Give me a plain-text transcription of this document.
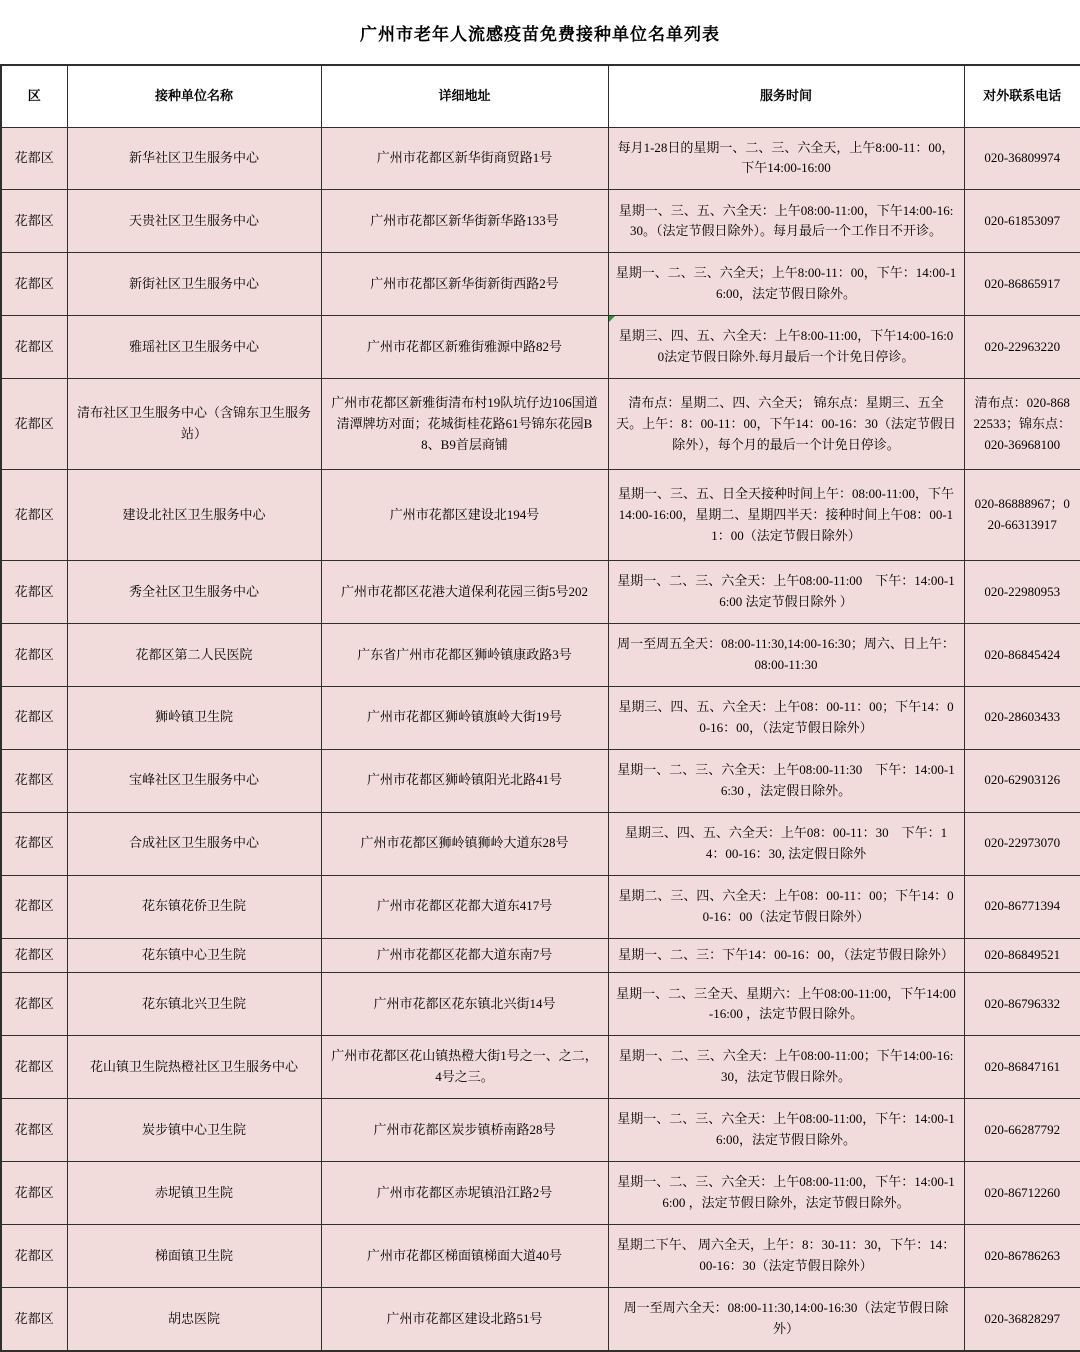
广州市老年人流感疫苗免费接种单位名单列表
区	接种单位名称	详细地址	服务时间	对外联系电话
花都区	新华社区卫生服务中心	广州市花都区新华街商贸路1号	每月1-28日的星期一、二、三、六全天，上午8:00-11：00，下午14:00-16:00	020-36809974
花都区	天贵社区卫生服务中心	广州市花都区新华街新华路133号	星期一、三、五、六全天：上午08:00-11:00，下午14:00-16:30。（法定节假日除外）。每月最后一个工作日不开诊。	020-61853097
花都区	新街社区卫生服务中心	广州市花都区新华街新街西路2号	星期一、二、三、六全天；上午8:00-11：00，下午：14:00-16:00，法定节假日除外。	020-86865917
花都区	雅瑶社区卫生服务中心	广州市花都区新雅街雅源中路82号	星期三、四、五、六全天：上午8:00-11:00，下午14:00-16:00法定节假日除外.每月最后一个计免日停诊。	020-22963220
花都区	清布社区卫生服务中心（含锦东卫生服务站）	广州市花都区新雅街清布村19队坑仔边106国道清潭牌坊对面；花城街桂花路61号锦东花园B8、B9首层商铺	清布点：星期二、四、六全天； 锦东点：星期三、五全天。上午：8：00-11：00，下午14：00-16：30（法定节假日除外），每个月的最后一个计免日停诊。	清布点：020-86822533；锦东点：020-36968100
花都区	建设北社区卫生服务中心	广州市花都区建设北194号	星期一、三、五、日全天接种时间上午：08:00-11:00，下午14:00-16:00，星期二、星期四半天：接种时间上午08：00-11：00（法定节假日除外）	020-86888967；020-66313917
花都区	秀全社区卫生服务中心	广州市花都区花港大道保利花园三街5号202	星期一、二、三、六全天：上午08:00-11:00　下午：14:00-16:00 法定节假日除外 ）	020-22980953
花都区	花都区第二人民医院	广东省广州市花都区狮岭镇康政路3号	周一至周五全天：08:00-11:30,14:00-16:30；周六、日上午：08:00-11:30	020-86845424
花都区	狮岭镇卫生院	广州市花都区狮岭镇旗岭大街19号	星期三、四、五、六全天：上午08：00-11：00；下午14：00-16：00，（法定节假日除外）	020-28603433
花都区	宝峰社区卫生服务中心	广州市花都区狮岭镇阳光北路41号	星期一、二、三、六全天：上午08:00-11:30　下午：14:00-16:30 ，法定假日除外。	020-62903126
花都区	合成社区卫生服务中心	广州市花都区狮岭镇狮岭大道东28号	星期三、四、五、六全天：上午08：00-11：30　下午：14：00-16：30, 法定假日除外	020-22973070
花都区	花东镇花侨卫生院	广州市花都区花都大道东417号	星期二、三、四、六全天：上午08：00-11：00；下午14：00-16：00（法定节假日除外）	020-86771394
花都区	花东镇中心卫生院	广州市花都区花都大道东南7号	星期一、二、三：下午14：00-16：00，（法定节假日除外）	020-86849521
花都区	花东镇北兴卫生院	广州市花都区花东镇北兴街14号	星期一、二、三全天、星期六：上午08:00-11:00，下午14:00-16:00 ，法定节假日除外。	020-86796332
花都区	花山镇卫生院热橙社区卫生服务中心	广州市花都区花山镇热橙大街1号之一、之二，4号之三。	星期一、二、三、六全天：上午08:00-11:00；下午14:00-16:30，法定节假日除外。	020-86847161
花都区	炭步镇中心卫生院	广州市花都区炭步镇桥南路28号	星期一、二、三、六全天：上午08:00-11:00，下午：14:00-16:00，法定节假日除外。	020-66287792
花都区	赤坭镇卫生院	广州市花都区赤坭镇沿江路2号	星期一、二、三、六全天：上午08:00-11:00，下午：14:00-16:00 ，法定节假日除外，法定节假日除外。	020-86712260
花都区	梯面镇卫生院	广州市花都区梯面镇梯面大道40号	星期二下午、 周六全天，上午：8：30-11：30，下午：14：00-16：30（法定节假日除外）	020-86786263
花都区	胡忠医院	广州市花都区建设北路51号	周一至周六全天：08:00-11:30,14:00-16:30（法定节假日除外）	020-36828297
